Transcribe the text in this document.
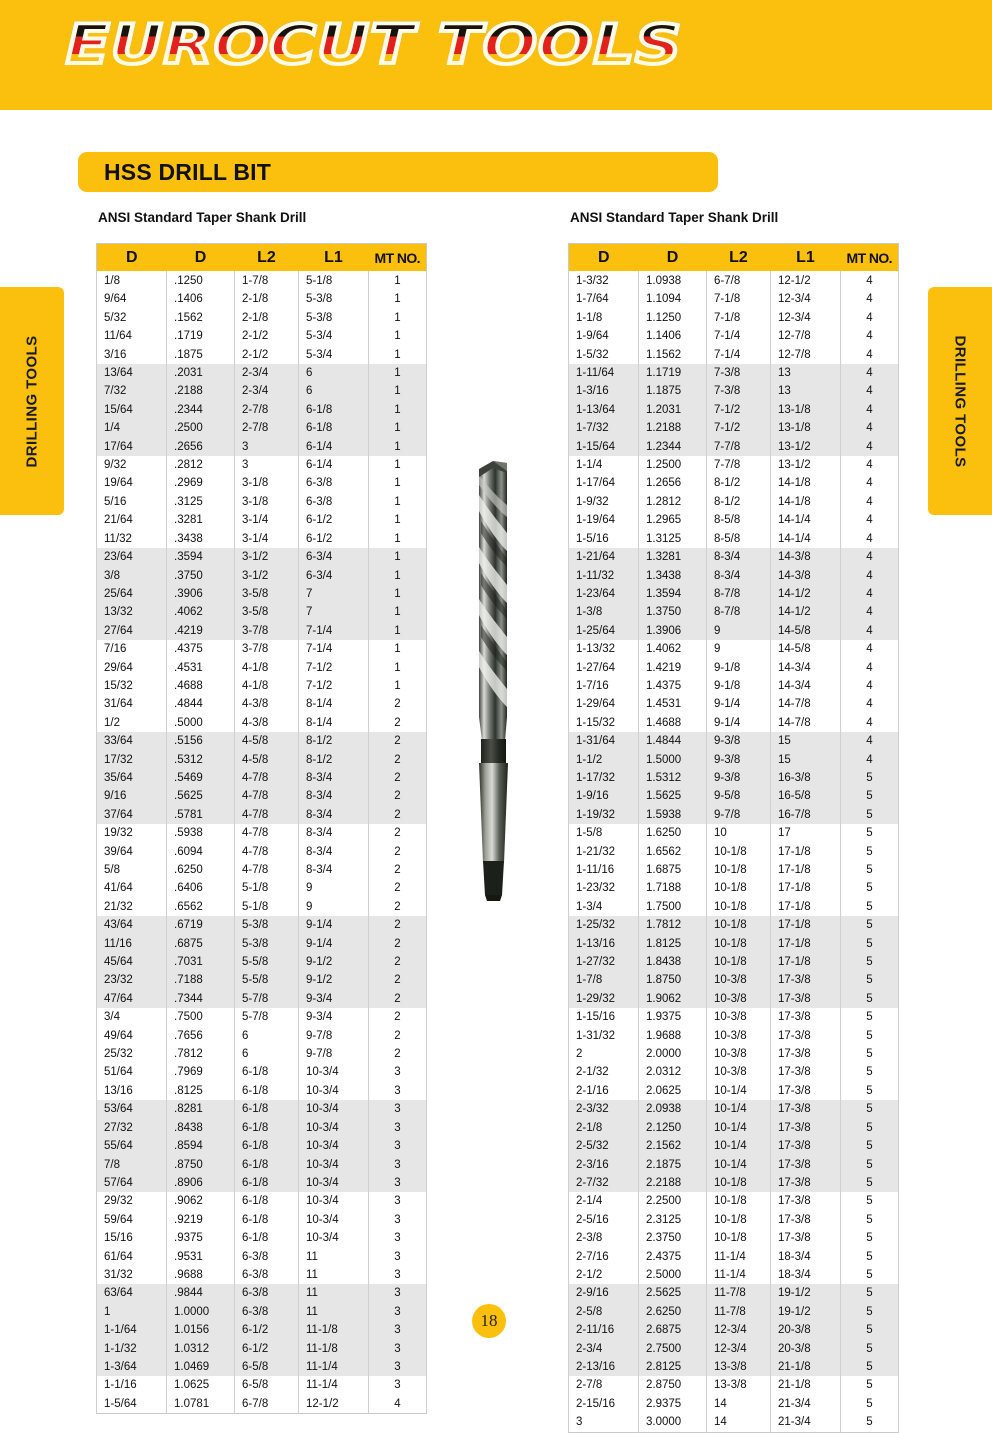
EUROCUT TOOLS
DRILLING TOOLS	DRILLING TOOLS
HSS DRILL BIT
ANSI Standard Taper Shank Drill
D	D	L2	L1	MT NO.
1/8	.1250	1-7/8	5-1/8	1
9/64	.1406	2-1/8	5-3/8	1
5/32	.1562	2-1/8	5-3/8	1
11/64	.1719	2-1/2	5-3/4	1
3/16	.1875	2-1/2	5-3/4	1
13/64	.2031	2-3/4	6	1
7/32	.2188	2-3/4	6	1
15/64	.2344	2-7/8	6-1/8	1
1/4	.2500	2-7/8	6-1/8	1
17/64	.2656	3	6-1/4	1
9/32	.2812	3	6-1/4	1
19/64	.2969	3-1/8	6-3/8	1
5/16	.3125	3-1/8	6-3/8	1
21/64	.3281	3-1/4	6-1/2	1
11/32	.3438	3-1/4	6-1/2	1
23/64	.3594	3-1/2	6-3/4	1
3/8	.3750	3-1/2	6-3/4	1
25/64	.3906	3-5/8	7	1
13/32	.4062	3-5/8	7	1
27/64	.4219	3-7/8	7-1/4	1
7/16	.4375	3-7/8	7-1/4	1
29/64	.4531	4-1/8	7-1/2	1
15/32	.4688	4-1/8	7-1/2	1
31/64	.4844	4-3/8	8-1/4	2
1/2	.5000	4-3/8	8-1/4	2
33/64	.5156	4-5/8	8-1/2	2
17/32	.5312	4-5/8	8-1/2	2
35/64	.5469	4-7/8	8-3/4	2
9/16	.5625	4-7/8	8-3/4	2
37/64	.5781	4-7/8	8-3/4	2
19/32	.5938	4-7/8	8-3/4	2
39/64	.6094	4-7/8	8-3/4	2
5/8	.6250	4-7/8	8-3/4	2
41/64	.6406	5-1/8	9	2
21/32	.6562	5-1/8	9	2
43/64	.6719	5-3/8	9-1/4	2
11/16	.6875	5-3/8	9-1/4	2
45/64	.7031	5-5/8	9-1/2	2
23/32	.7188	5-5/8	9-1/2	2
47/64	.7344	5-7/8	9-3/4	2
3/4	.7500	5-7/8	9-3/4	2
49/64	.7656	6	9-7/8	2
25/32	.7812	6	9-7/8	2
51/64	.7969	6-1/8	10-3/4	3
13/16	.8125	6-1/8	10-3/4	3
53/64	.8281	6-1/8	10-3/4	3
27/32	.8438	6-1/8	10-3/4	3
55/64	.8594	6-1/8	10-3/4	3
7/8	.8750	6-1/8	10-3/4	3
57/64	.8906	6-1/8	10-3/4	3
29/32	.9062	6-1/8	10-3/4	3
59/64	.9219	6-1/8	10-3/4	3
15/16	.9375	6-1/8	10-3/4	3
61/64	.9531	6-3/8	11	3
31/32	.9688	6-3/8	11	3
63/64	.9844	6-3/8	11	3
1	1.0000	6-3/8	11	3
1-1/64	1.0156	6-1/2	11-1/8	3
1-1/32	1.0312	6-1/2	11-1/8	3
1-3/64	1.0469	6-5/8	11-1/4	3
1-1/16	1.0625	6-5/8	11-1/4	3
1-5/64	1.0781	6-7/8	12-1/2	4
ANSI Standard Taper Shank Drill
D	D	L2	L1	MT NO.
1-3/32	1.0938	6-7/8	12-1/2	4
1-7/64	1.1094	7-1/8	12-3/4	4
1-1/8	1.1250	7-1/8	12-3/4	4
1-9/64	1.1406	7-1/4	12-7/8	4
1-5/32	1.1562	7-1/4	12-7/8	4
1-11/64	1.1719	7-3/8	13	4
1-3/16	1.1875	7-3/8	13	4
1-13/64	1.2031	7-1/2	13-1/8	4
1-7/32	1.2188	7-1/2	13-1/8	4
1-15/64	1.2344	7-7/8	13-1/2	4
1-1/4	1.2500	7-7/8	13-1/2	4
1-17/64	1.2656	8-1/2	14-1/8	4
1-9/32	1.2812	8-1/2	14-1/8	4
1-19/64	1.2965	8-5/8	14-1/4	4
1-5/16	1.3125	8-5/8	14-1/4	4
1-21/64	1.3281	8-3/4	14-3/8	4
1-11/32	1.3438	8-3/4	14-3/8	4
1-23/64	1.3594	8-7/8	14-1/2	4
1-3/8	1.3750	8-7/8	14-1/2	4
1-25/64	1.3906	9	14-5/8	4
1-13/32	1.4062	9	14-5/8	4
1-27/64	1.4219	9-1/8	14-3/4	4
1-7/16	1.4375	9-1/8	14-3/4	4
1-29/64	1.4531	9-1/4	14-7/8	4
1-15/32	1.4688	9-1/4	14-7/8	4
1-31/64	1.4844	9-3/8	15	4
1-1/2	1.5000	9-3/8	15	4
1-17/32	1.5312	9-3/8	16-3/8	5
1-9/16	1.5625	9-5/8	16-5/8	5
1-19/32	1.5938	9-7/8	16-7/8	5
1-5/8	1.6250	10	17	5
1-21/32	1.6562	10-1/8	17-1/8	5
1-11/16	1.6875	10-1/8	17-1/8	5
1-23/32	1.7188	10-1/8	17-1/8	5
1-3/4	1.7500	10-1/8	17-1/8	5
1-25/32	1.7812	10-1/8	17-1/8	5
1-13/16	1.8125	10-1/8	17-1/8	5
1-27/32	1.8438	10-1/8	17-1/8	5
1-7/8	1.8750	10-3/8	17-3/8	5
1-29/32	1.9062	10-3/8	17-3/8	5
1-15/16	1.9375	10-3/8	17-3/8	5
1-31/32	1.9688	10-3/8	17-3/8	5
2	2.0000	10-3/8	17-3/8	5
2-1/32	2.0312	10-3/8	17-3/8	5
2-1/16	2.0625	10-1/4	17-3/8	5
2-3/32	2.0938	10-1/4	17-3/8	5
2-1/8	2.1250	10-1/4	17-3/8	5
2-5/32	2.1562	10-1/4	17-3/8	5
2-3/16	2.1875	10-1/4	17-3/8	5
2-7/32	2.2188	10-1/8	17-3/8	5
2-1/4	2.2500	10-1/8	17-3/8	5
2-5/16	2.3125	10-1/8	17-3/8	5
2-3/8	2.3750	10-1/8	17-3/8	5
2-7/16	2.4375	11-1/4	18-3/4	5
2-1/2	2.5000	11-1/4	18-3/4	5
2-9/16	2.5625	11-7/8	19-1/2	5
2-5/8	2.6250	11-7/8	19-1/2	5
2-11/16	2.6875	12-3/4	20-3/8	5
2-3/4	2.7500	12-3/4	20-3/8	5
2-13/16	2.8125	13-3/8	21-1/8	5
2-7/8	2.8750	13-3/8	21-1/8	5
2-15/16	2.9375	14	21-3/4	5
3	3.0000	14	21-3/4	5
18
